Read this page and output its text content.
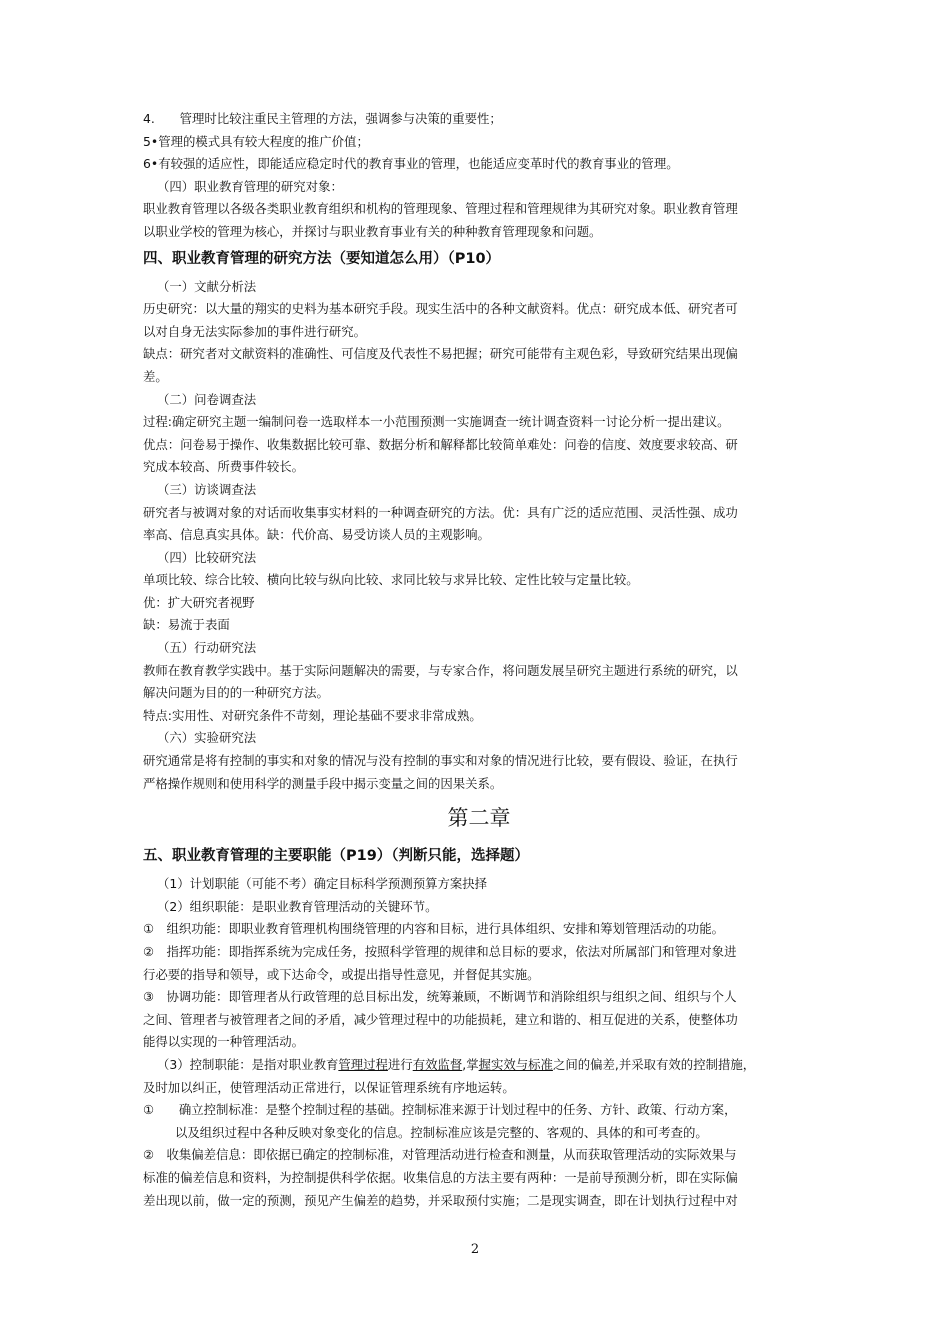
4.　　管理时比较注重民主管理的方法，强调参与决策的重要性；

5•管理的模式具有较大程度的推广价值；

6•有较强的适应性，即能适应稳定时代的教育事业的管理，也能适应变革时代的教育事业的管理。

（四）职业教育管理的研究对象：

职业教育管理以各级各类职业教育组织和机构的管理现象、管理过程和管理规律为其研究对象。职业教育管理

以职业学校的管理为核心，并探讨与职业教育事业有关的种种教育管理现象和问题。

四、职业教育管理的研究方法（要知道怎么用）（P10）

（一）文献分析法

历史研究：以大量的翔实的史料为基本研究手段。现实生活中的各种文献资料。优点：研究成本低、研究者可

以对自身无法实际参加的事件进行研究。

缺点：研究者对文献资料的准确性、可信度及代表性不易把握；研究可能带有主观色彩，导致研究结果出现偏

差。

（二）问卷调查法

过程:确定研究主题一编制问卷一选取样本一小范围预测一实施调查一统计调查资料一讨论分析一提出建议。

优点：问卷易于操作、收集数据比较可靠、数据分析和解释都比较简单难处：问卷的信度、效度要求较高、研

究成本较高、所费事件较长。

（三）访谈调查法

研究者与被调对象的对话而收集事实材料的一种调查研究的方法。优：具有广泛的适应范围、灵活性强、成功

率高、信息真实具体。缺：代价高、易受访谈人员的主观影响。

（四）比较研究法

单项比较、综合比较、横向比较与纵向比较、求同比较与求异比较、定性比较与定量比较。

优：扩大研究者视野

缺：易流于表面

（五）行动研究法

教师在教育教学实践中。基于实际问题解决的需要，与专家合作，将问题发展呈研究主题进行系统的研究，以

解决问题为目的的一种研究方法。

特点:实用性、对研究条件不苛刻，理论基础不要求非常成熟。

（六）实验研究法

研究通常是将有控制的事实和对象的情况与没有控制的事实和对象的情况进行比较，要有假设、验证，在执行

严格操作规则和使用科学的测量手段中揭示变量之间的因果关系。

第二章

五、职业教育管理的主要职能（P19）（判断只能，选择题）

（1）计划职能（可能不考）确定目标科学预测预算方案抉择

（2）组织职能：是职业教育管理活动的关键环节。

①　组织功能：即职业教育管理机构围绕管理的内容和目标，进行具体组织、安排和筹划管理活动的功能。

②　指挥功能：即指挥系统为完成任务，按照科学管理的规律和总目标的要求，依法对所属部门和管理对象进

行必要的指导和领导，或下达命令，或提出指导性意见，并督促其实施。

③　协调功能：即管理者从行政管理的总目标出发，统筹兼顾，不断调节和消除组织与组织之间、组织与个人

之间、管理者与被管理者之间的矛盾，减少管理过程中的功能损耗，建立和谐的、相互促进的关系，使整体功

能得以实现的一种管理活动。

（3）控制职能：是指对职业教育管理过程进行有效监督,掌握实效与标准之间的偏差,并采取有效的控制措施，

及时加以纠正，使管理活动正常进行，以保证管理系统有序地运转。

①　　确立控制标准：是整个控制过程的基础。控制标准来源于计划过程中的任务、方针、政策、行动方案，

以及组织过程中各种反映对象变化的信息。控制标准应该是完整的、客观的、具体的和可考查的。

②　收集偏差信息：即依据已确定的控制标准，对管理活动进行检查和测量，从而获取管理活动的实际效果与

标准的偏差信息和资料，为控制提供科学依据。收集信息的方法主要有两种：一是前导预测分析，即在实际偏

差出现以前，做一定的预测，预见产生偏差的趋势，并采取预付实施；二是现实调查，即在计划执行过程中对

2
